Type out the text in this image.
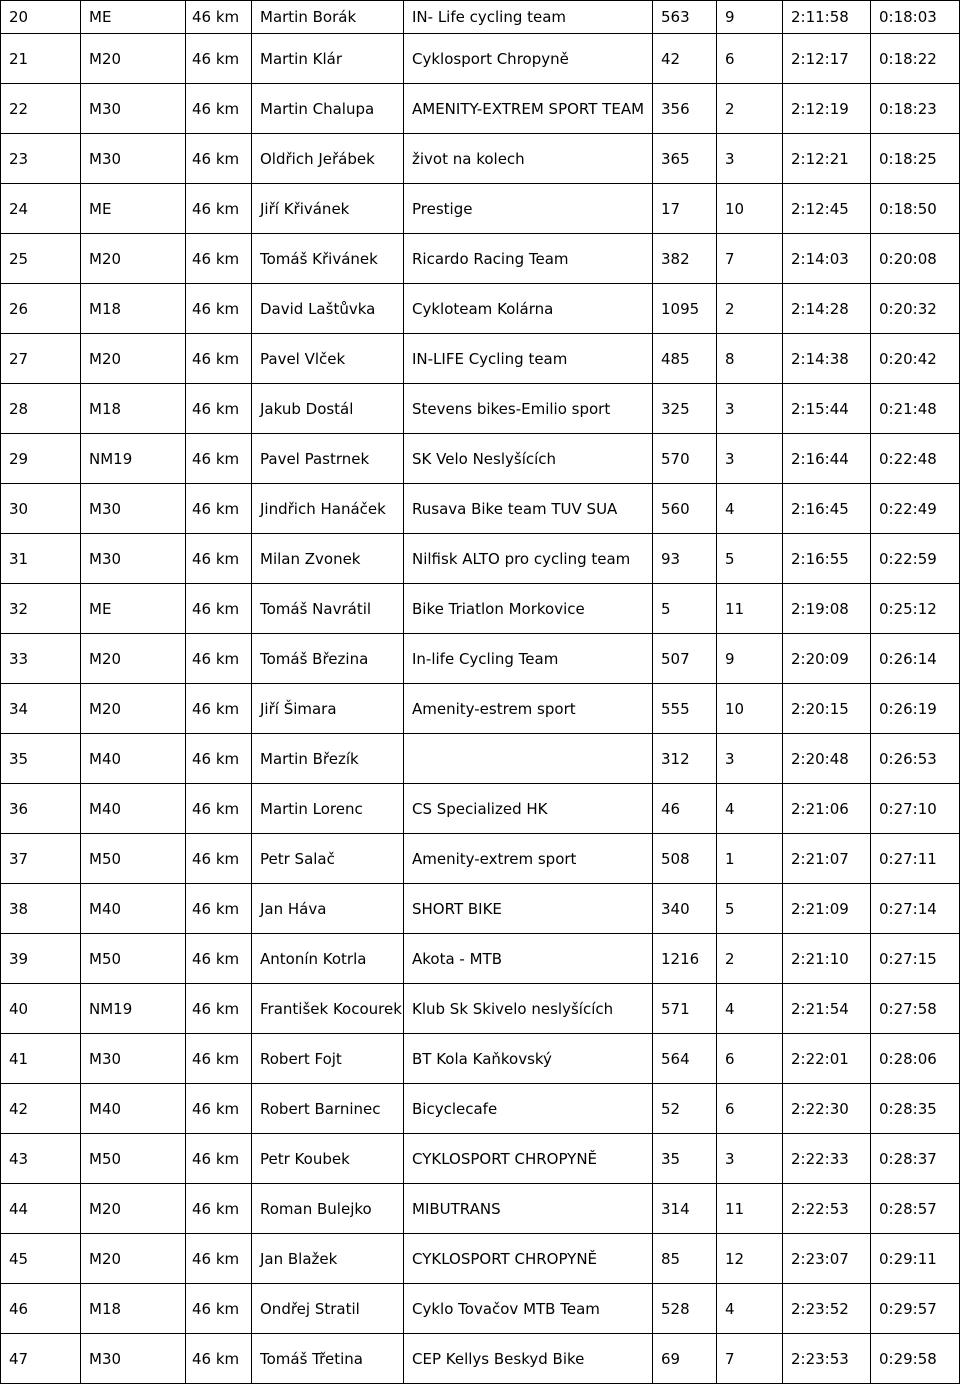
20	ME	46 km	Martin Borák	IN- Life cycling team	563	9	2:11:58	0:18:03
21	M20	46 km	Martin Klár	Cyklosport Chropyně	42	6	2:12:17	0:18:22
22	M30	46 km	Martin Chalupa	AMENITY-EXTREM SPORT TEAM	356	2	2:12:19	0:18:23
23	M30	46 km	Oldřich Jeřábek	život na kolech	365	3	2:12:21	0:18:25
24	ME	46 km	Jiří Křivánek	Prestige	17	10	2:12:45	0:18:50
25	M20	46 km	Tomáš Křivánek	Ricardo Racing Team	382	7	2:14:03	0:20:08
26	M18	46 km	David Laštůvka	Cykloteam Kolárna	1095	2	2:14:28	0:20:32
27	M20	46 km	Pavel Vlček	IN-LIFE Cycling team	485	8	2:14:38	0:20:42
28	M18	46 km	Jakub Dostál	Stevens bikes-Emilio sport	325	3	2:15:44	0:21:48
29	NM19	46 km	Pavel Pastrnek	SK Velo Neslyšících	570	3	2:16:44	0:22:48
30	M30	46 km	Jindřich Hanáček	Rusava Bike team TUV SUA	560	4	2:16:45	0:22:49
31	M30	46 km	Milan Zvonek	Nilfisk ALTO pro cycling team	93	5	2:16:55	0:22:59
32	ME	46 km	Tomáš Navrátil	Bike Triatlon Morkovice	5	11	2:19:08	0:25:12
33	M20	46 km	Tomáš Březina	In-life Cycling Team	507	9	2:20:09	0:26:14
34	M20	46 km	Jiří Šimara	Amenity-estrem sport	555	10	2:20:15	0:26:19
35	M40	46 km	Martin Březík		312	3	2:20:48	0:26:53
36	M40	46 km	Martin Lorenc	CS Specialized HK	46	4	2:21:06	0:27:10
37	M50	46 km	Petr Salač	Amenity-extrem sport	508	1	2:21:07	0:27:11
38	M40	46 km	Jan Háva	SHORT BIKE	340	5	2:21:09	0:27:14
39	M50	46 km	Antonín Kotrla	Akota - MTB	1216	2	2:21:10	0:27:15
40	NM19	46 km	František Kocourek	Klub Sk Skivelo neslyšících	571	4	2:21:54	0:27:58
41	M30	46 km	Robert Fojt	BT Kola Kaňkovský	564	6	2:22:01	0:28:06
42	M40	46 km	Robert Barninec	Bicyclecafe	52	6	2:22:30	0:28:35
43	M50	46 km	Petr Koubek	CYKLOSPORT CHROPYNĚ	35	3	2:22:33	0:28:37
44	M20	46 km	Roman Bulejko	MIBUTRANS	314	11	2:22:53	0:28:57
45	M20	46 km	Jan Blažek	CYKLOSPORT CHROPYNĚ	85	12	2:23:07	0:29:11
46	M18	46 km	Ondřej Stratil	Cyklo Tovačov MTB Team	528	4	2:23:52	0:29:57
47	M30	46 km	Tomáš Třetina	CEP Kellys Beskyd Bike	69	7	2:23:53	0:29:58
